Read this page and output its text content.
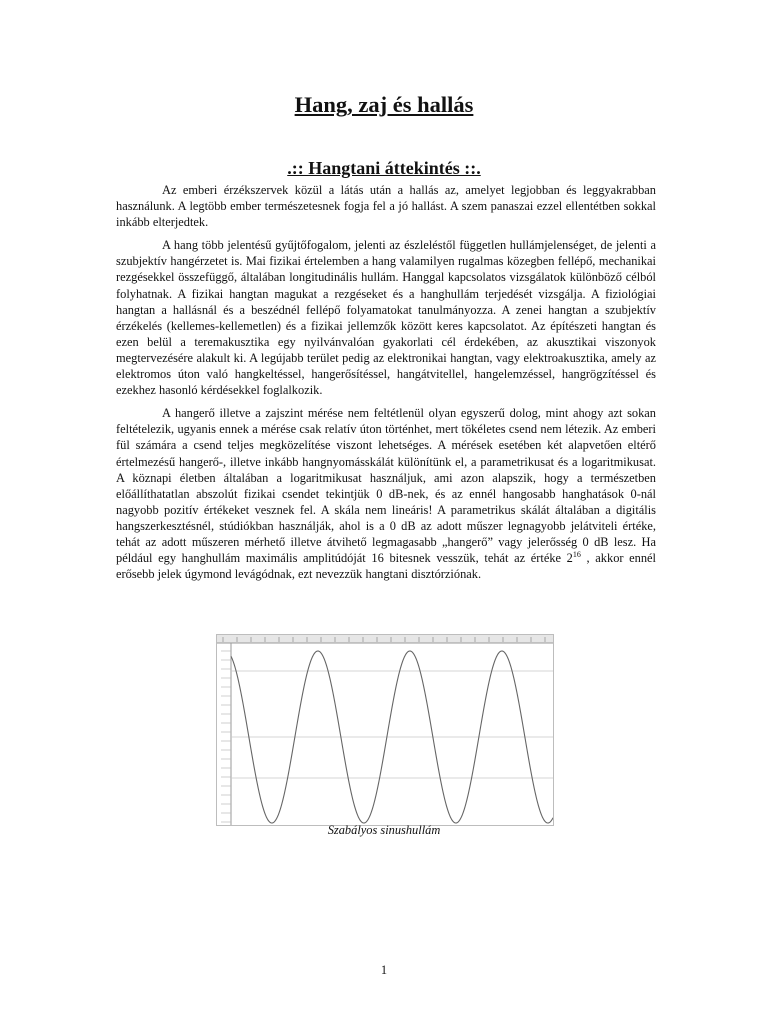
Hang, zaj és hallás
.:: Hangtani áttekintés ::.

Az emberi érzékszervek közül a látás után a hallás az, amelyet legjobban és leggyakrabban használunk. A legtöbb ember természetesnek fogja fel a jó hallást. A szem panaszai ezzel ellentétben sokkal inkább elterjedtek.

A hang több jelentésű gyűjtőfogalom, jelenti az észleléstől független hullámjelenséget, de jelenti a szubjektív hangérzetet is. Mai fizikai értelemben a hang valamilyen rugalmas közegben fellépő, mechanikai rezgésekkel összefüggő, általában longitudinális hullám. Hanggal kapcsolatos vizsgálatok különböző célból folyhatnak. A fizikai hangtan magukat a rezgéseket és a hanghullám terjedését vizsgálja. A fiziológiai hangtan a hallásnál és a beszédnél fellépő folyamatokat tanulmányozza. A zenei hangtan a szubjektív érzékelés (kellemes-kellemetlen) és a fizikai jellemzők között keres kapcsolatot. Az építészeti hangtan és ezen belül a teremakusztika egy nyilvánvalóan gyakorlati cél érdekében, az akusztikai viszonyok megtervezésére alakult ki. A legújabb terület pedig az elektronikai hangtan, vagy elektroakusztika, amely az elektromos úton való hangkeltéssel, hangerősítéssel, hangátvitellel, hangelemzéssel, hangrögzítéssel és ezekhez hasonló kérdésekkel foglalkozik.

A hangerő illetve a zajszint mérése nem feltétlenül olyan egyszerű dolog, mint ahogy azt sokan feltételezik, ugyanis ennek a mérése csak relatív úton történhet, mert tökéletes csend nem létezik. Az emberi fül számára a csend teljes megközelítése viszont lehetséges. A mérések esetében két alapvetően eltérő értelmezésű hangerő-, illetve inkább hangnyomásskálát különítünk el, a parametrikusat és a logaritmikusat. A köznapi életben általában a logaritmikusat használjuk, ami azon alapszik, hogy a természetben előállíthatatlan abszolút fizikai csendet tekintjük 0 dB-nek, és az ennél hangosabb hanghatások 0-nál nagyobb pozitív értékeket vesznek fel. A skála nem lineáris! A parametrikus skálát általában a digitális hangszerkesztésnél, stúdiókban használják, ahol is a 0 dB az adott műszer legnagyobb jelátviteli értéke, tehát az adott műszeren mérhető illetve átvihető legmagasabb „hangerő” vagy jelerősség 0 dB lesz. Ha például egy hanghullám maximális amplitúdóját 16 bitesnek vesszük, tehát az értéke $2^{16}$ , akkor ennél erősebb jelek úgymond levágódnak, ezt nevezzük hangtani disztórziónak.

Szabályos sinushullám
1
